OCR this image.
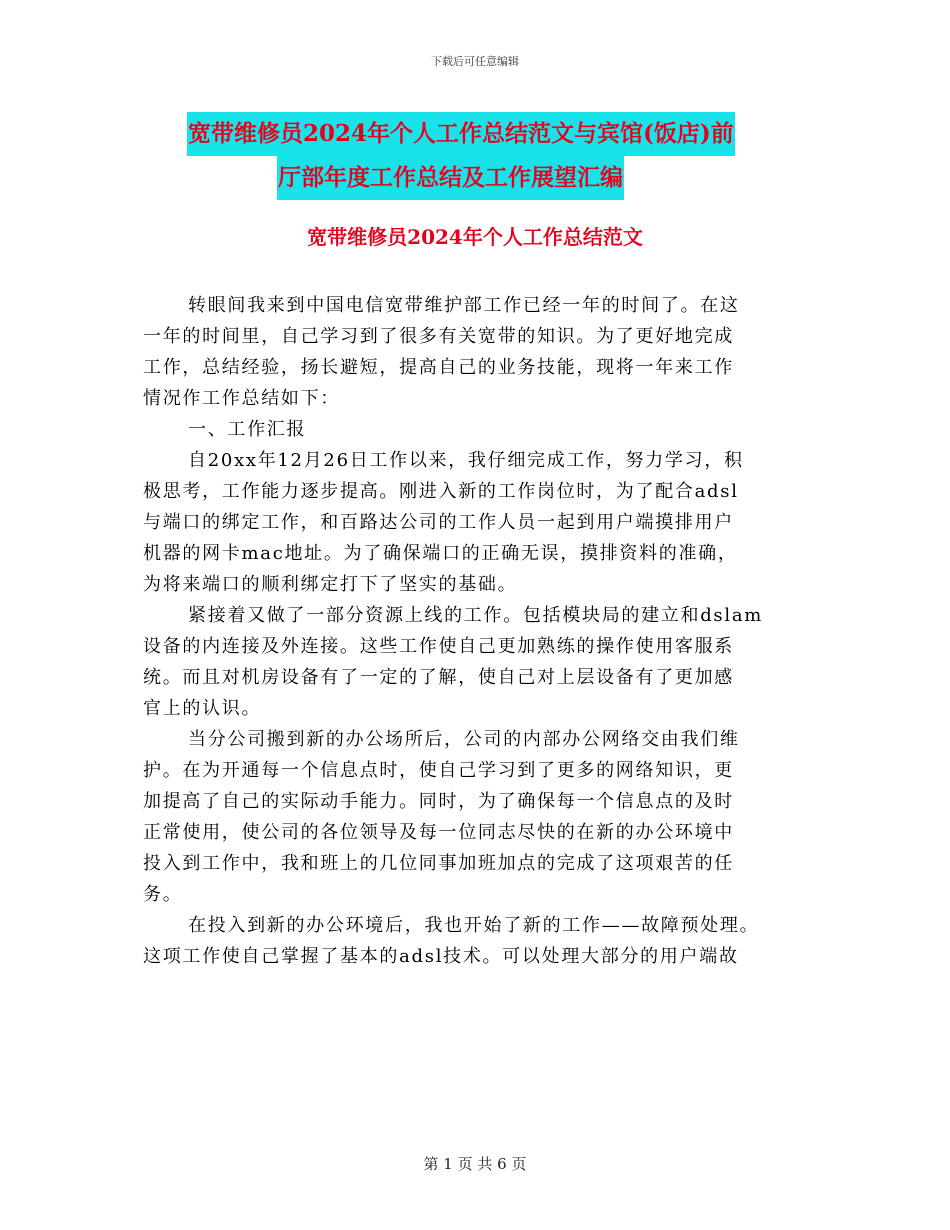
下载后可任意编辑
宽带维修员2024年个人工作总结范文与宾馆(饭店)前
厅部年度工作总结及工作展望汇编
宽带维修员2024年个人工作总结范文
转眼间我来到中国电信宽带维护部工作已经一年的时间了。在这
一年的时间里，自己学习到了很多有关宽带的知识。为了更好地完成
工作，总结经验，扬长避短，提高自己的业务技能，现将一年来工作
情况作工作总结如下：
一、工作汇报
自20xx年12月26日工作以来，我仔细完成工作，努力学习，积
极思考，工作能力逐步提高。刚进入新的工作岗位时，为了配合adsl
与端口的绑定工作，和百路达公司的工作人员一起到用户端摸排用户
机器的网卡mac地址。为了确保端口的正确无误，摸排资料的准确，
为将来端口的顺利绑定打下了坚实的基础。
紧接着又做了一部分资源上线的工作。包括模块局的建立和dslam
设备的内连接及外连接。这些工作使自己更加熟练的操作使用客服系
统。而且对机房设备有了一定的了解，使自己对上层设备有了更加感
官上的认识。
当分公司搬到新的办公场所后，公司的内部办公网络交由我们维
护。在为开通每一个信息点时，使自己学习到了更多的网络知识，更
加提高了自己的实际动手能力。同时，为了确保每一个信息点的及时
正常使用，使公司的各位领导及每一位同志尽快的在新的办公环境中
投入到工作中，我和班上的几位同事加班加点的完成了这项艰苦的任
务。
在投入到新的办公环境后，我也开始了新的工作——故障预处理。
这项工作使自己掌握了基本的adsl技术。可以处理大部分的用户端故
第 1 页 共 6 页
